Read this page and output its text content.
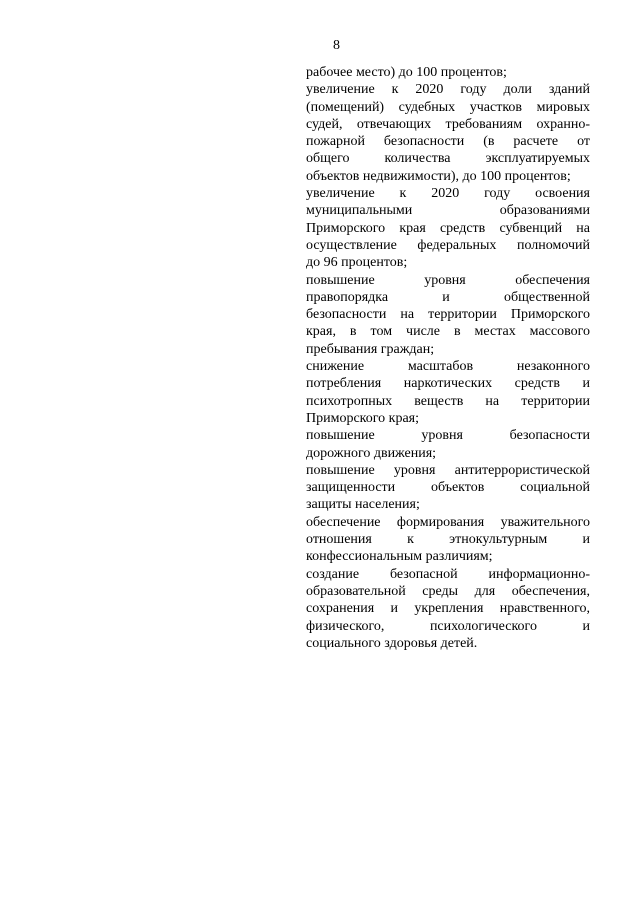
8
рабочее место) до 100 процентов;
увеличение к 2020 году доли зданий
(помещений) судебных участков мировых
судей, отвечающих требованиям охранно-
пожарной безопасности (в расчете от
общего количества эксплуатируемых
объектов недвижимости), до 100 процентов;
увеличение к 2020 году освоения
муниципальными образованиями
Приморского края средств субвенций на
осуществление федеральных полномочий
до 96 процентов;
повышение уровня обеспечения
правопорядка и общественной
безопасности на территории Приморского
края, в том числе в местах массового
пребывания граждан;
снижение масштабов незаконного
потребления наркотических средств и
психотропных веществ на территории
Приморского края;
повышение уровня безопасности
дорожного движения;
повышение уровня антитеррористической
защищенности объектов социальной
защиты населения;
обеспечение формирования уважительного
отношения к этнокультурным и
конфессиональным различиям;
создание безопасной информационно-
образовательной среды для обеспечения,
сохранения и укрепления нравственного,
физического, психологического и
социального здоровья детей.
